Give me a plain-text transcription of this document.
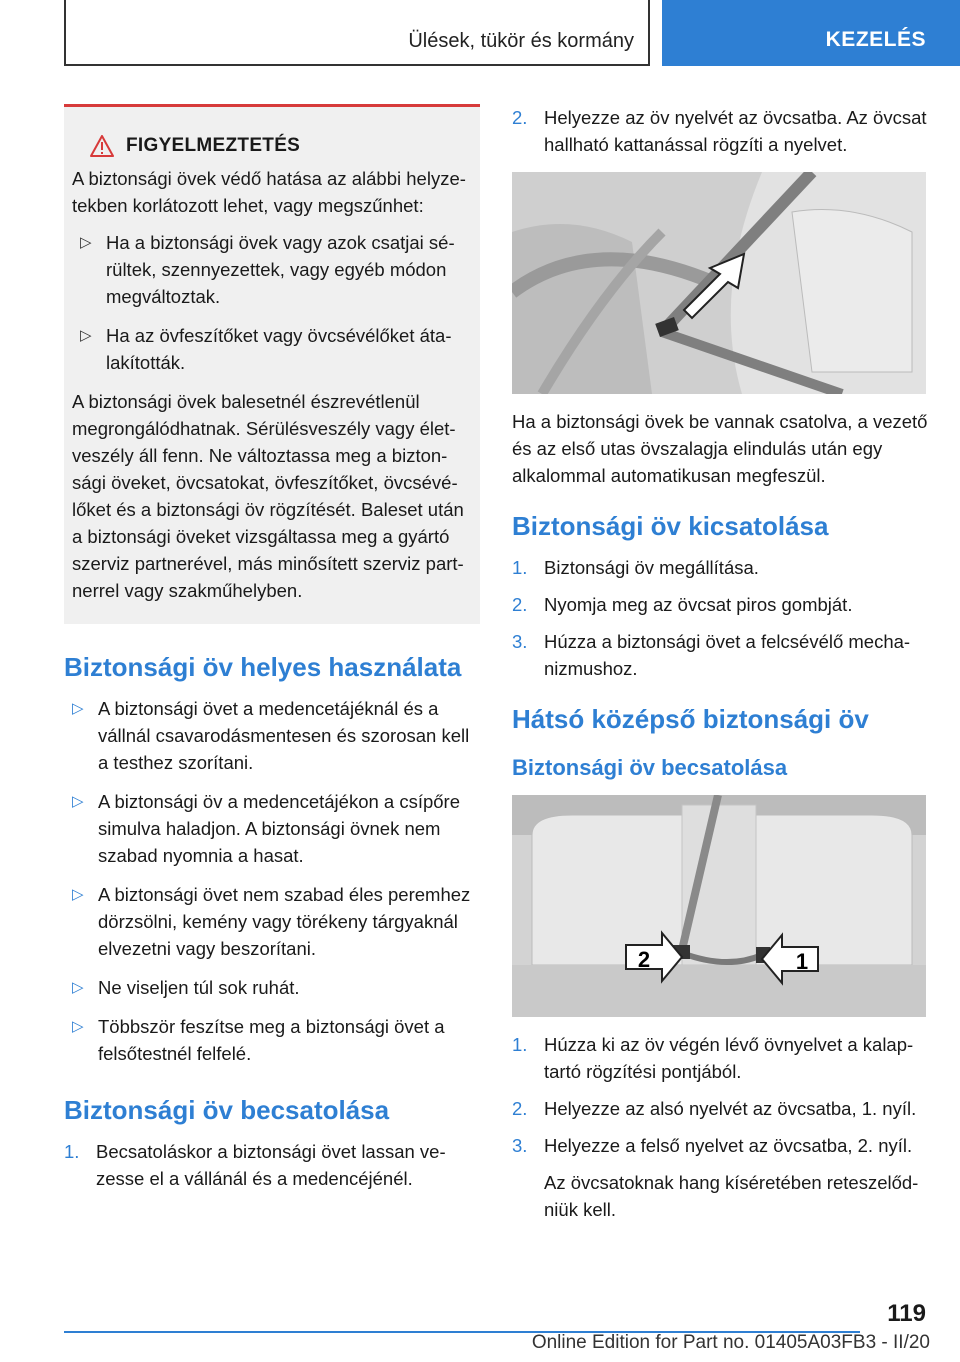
Ülések, tükör és kormány	KEZELÉS
FIGYELMEZTETÉS

A biztonsági övek védő hatása az alábbi helyzetekben korlátozott lehet, vagy megszűnhet:

▷ Ha a biztonsági övek vagy azok csatjai sérültek, szennyezettek, vagy egyéb módon megváltoztak.
▷ Ha az övfeszítőket vagy övcsévélőket átalakították.

A biztonsági övek balesetnél észrevétlenül megrongálódhatnak. Sérülésveszély vagy életveszély áll fenn. Ne változtassa meg a biztonsági öveket, övcsatokat, övfeszítőket, övcsévélőket és a biztonsági öv rögzítését. Baleset után a biztonsági öveket vizsgáltassa meg a gyártó szerviz partnerével, más minősített szerviz partnerrel vagy szakműhelyben.

Biztonsági öv helyes használata
▷ A biztonsági övet a medencetájéknál és a vállnál csavarodásmentesen és szorosan kell a testhez szorítani.
▷ A biztonsági öv a medencetájékon a csípőre simulva haladjon. A biztonsági övnek nem szabad nyomnia a hasat.
▷ A biztonsági övet nem szabad éles peremhez dörzsölni, kemény vagy törékeny tárgyaknál elvezetni vagy beszorítani.
▷ Ne viseljen túl sok ruhát.
▷ Többször feszítse meg a biztonsági övet a felsőtestnél felfelé.
Biztonsági öv becsatolása
1. Becsatoláskor a biztonsági övet lassan vezesse el a vállánál és a medencéjénél.
2. Helyezze az öv nyelvét az övcsatba. Az övcsat hallható kattanással rögzíti a nyelvet.

Ha a biztonsági övek be vannak csatolva, a vezető és az első utas övszalagja elindulás után egy alkalommal automatikusan megfeszül.

Biztonsági öv kicsatolása
1. Biztonsági öv megállítása.
2. Nyomja meg az övcsat piros gombját.
3. Húzza a biztonsági övet a felcsévélő mechanizmushoz.
Hátsó középső biztonsági öv
Biztonsági öv becsatolása
2	1
1. Húzza ki az öv végén lévő övnyelvet a kalaptartó rögzítési pontjából.
2. Helyezze az alsó nyelvét az övcsatba, 1. nyíl.
3. Helyezze a felső nyelvet az övcsatba, 2. nyíl.

Az övcsatoknak hang kíséretében reteszelődniük kell.

119
Online Edition for Part no. 01405A03FB3 - II/20
